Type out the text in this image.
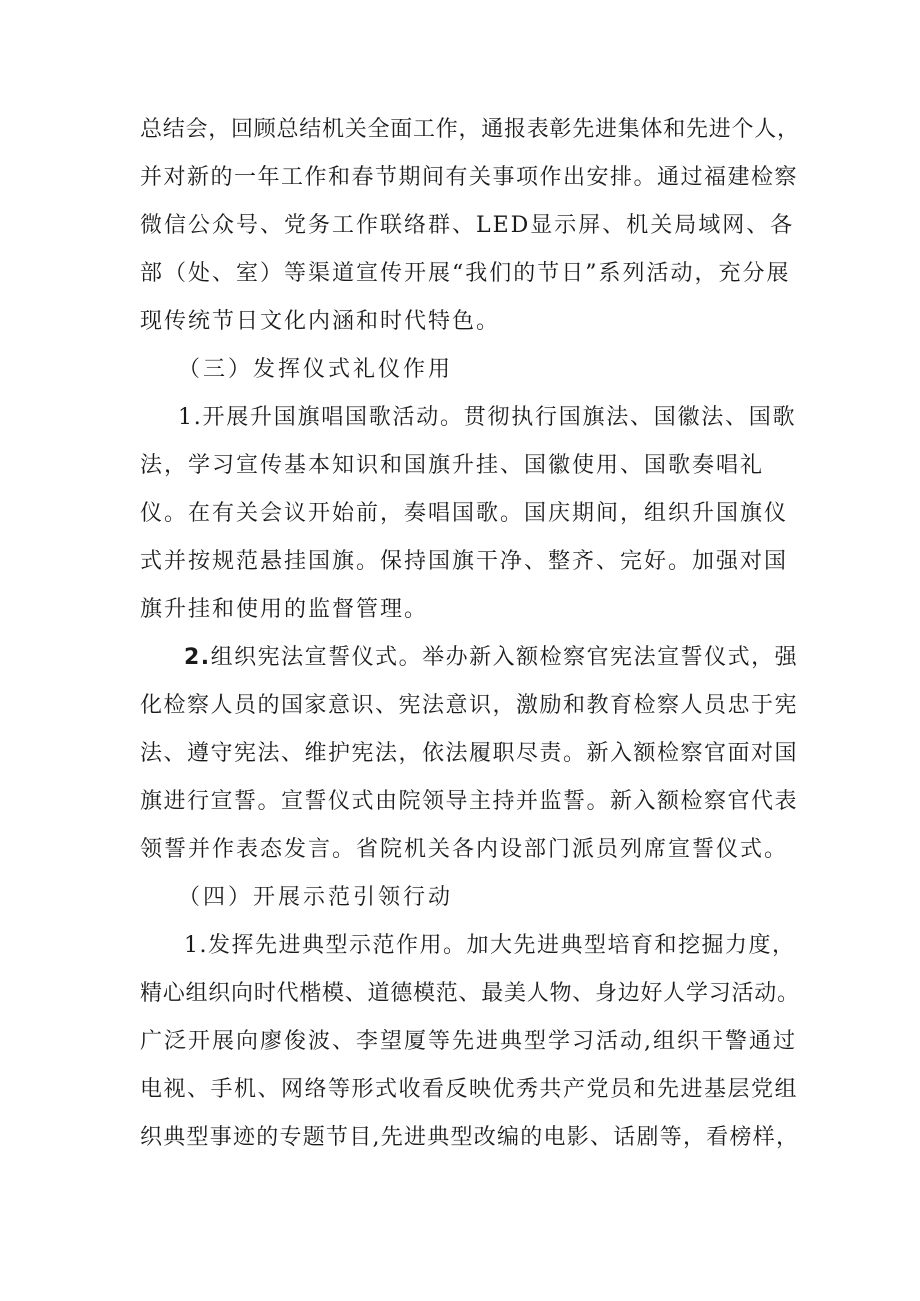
总结会，回顾总结机关全面工作，通报表彰先进集体和先进个人，
并对新的一年工作和春节期间有关事项作出安排。通过福建检察
微信公众号、党务工作联络群、LED显示屏、机关局域网、各
部（处、室）等渠道宣传开展“我们的节日”系列活动，充分展
现传统节日文化内涵和时代特色。
（三）发挥仪式礼仪作用
1.开展升国旗唱国歌活动。贯彻执行国旗法、国徽法、国歌
法，学习宣传基本知识和国旗升挂、国徽使用、国歌奏唱礼
仪。在有关会议开始前，奏唱国歌。国庆期间，组织升国旗仪
式并按规范悬挂国旗。保持国旗干净、整齐、完好。加强对国
旗升挂和使用的监督管理。
2.组织宪法宣誓仪式。举办新入额检察官宪法宣誓仪式，强
化检察人员的国家意识、宪法意识，激励和教育检察人员忠于宪
法、遵守宪法、维护宪法，依法履职尽责。新入额检察官面对国
旗进行宣誓。宣誓仪式由院领导主持并监誓。新入额检察官代表
领誓并作表态发言。省院机关各内设部门派员列席宣誓仪式。
（四）开展示范引领行动
1.发挥先进典型示范作用。加大先进典型培育和挖掘力度，
精心组织向时代楷模、道德模范、最美人物、身边好人学习活动。
广泛开展向廖俊波、李望厦等先进典型学习活动,组织干警通过
电视、手机、网络等形式收看反映优秀共产党员和先进基层党组
织典型事迹的专题节目,先进典型改编的电影、话剧等，看榜样，
